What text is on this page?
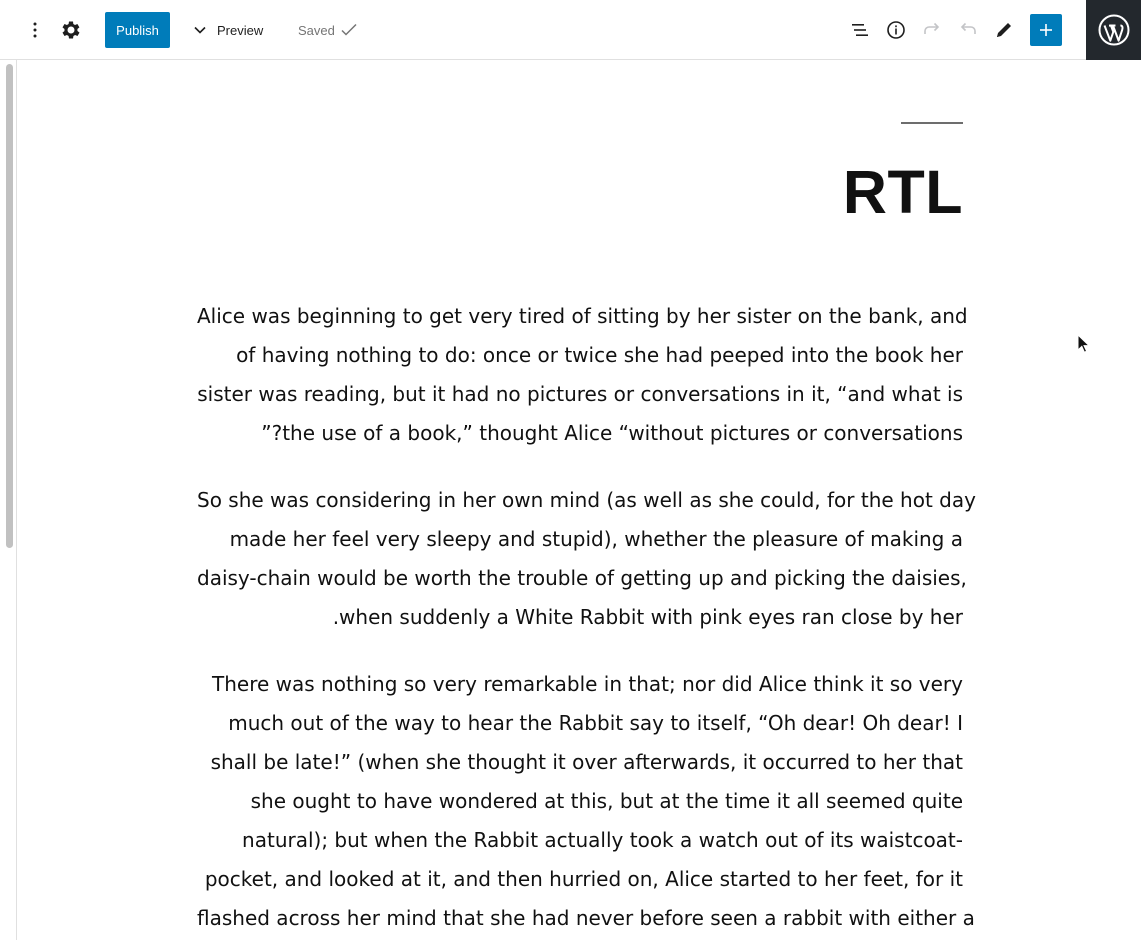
Publish	Preview	Saved
RTL
Alice was beginning to get very tired of sitting by her sister on the bank, and
of having nothing to do: once or twice she had peeped into the book her
sister was reading, but it had no pictures or conversations in it, “and what is
”?the use of a book,” thought Alice “without pictures or conversations
So she was considering in her own mind (as well as she could, for the hot day
made her feel very sleepy and stupid), whether the pleasure of making a
daisy-chain would be worth the trouble of getting up and picking the daisies,
.when suddenly a White Rabbit with pink eyes ran close by her
There was nothing so very remarkable in that; nor did Alice think it so very
much out of the way to hear the Rabbit say to itself, “Oh dear! Oh dear! I
shall be late!” (when she thought it over afterwards, it occurred to her that
she ought to have wondered at this, but at the time it all seemed quite
natural); but when the Rabbit actually took a watch out of its waistcoat-
pocket, and looked at it, and then hurried on, Alice started to her feet, for it
flashed across her mind that she had never before seen a rabbit with either a
